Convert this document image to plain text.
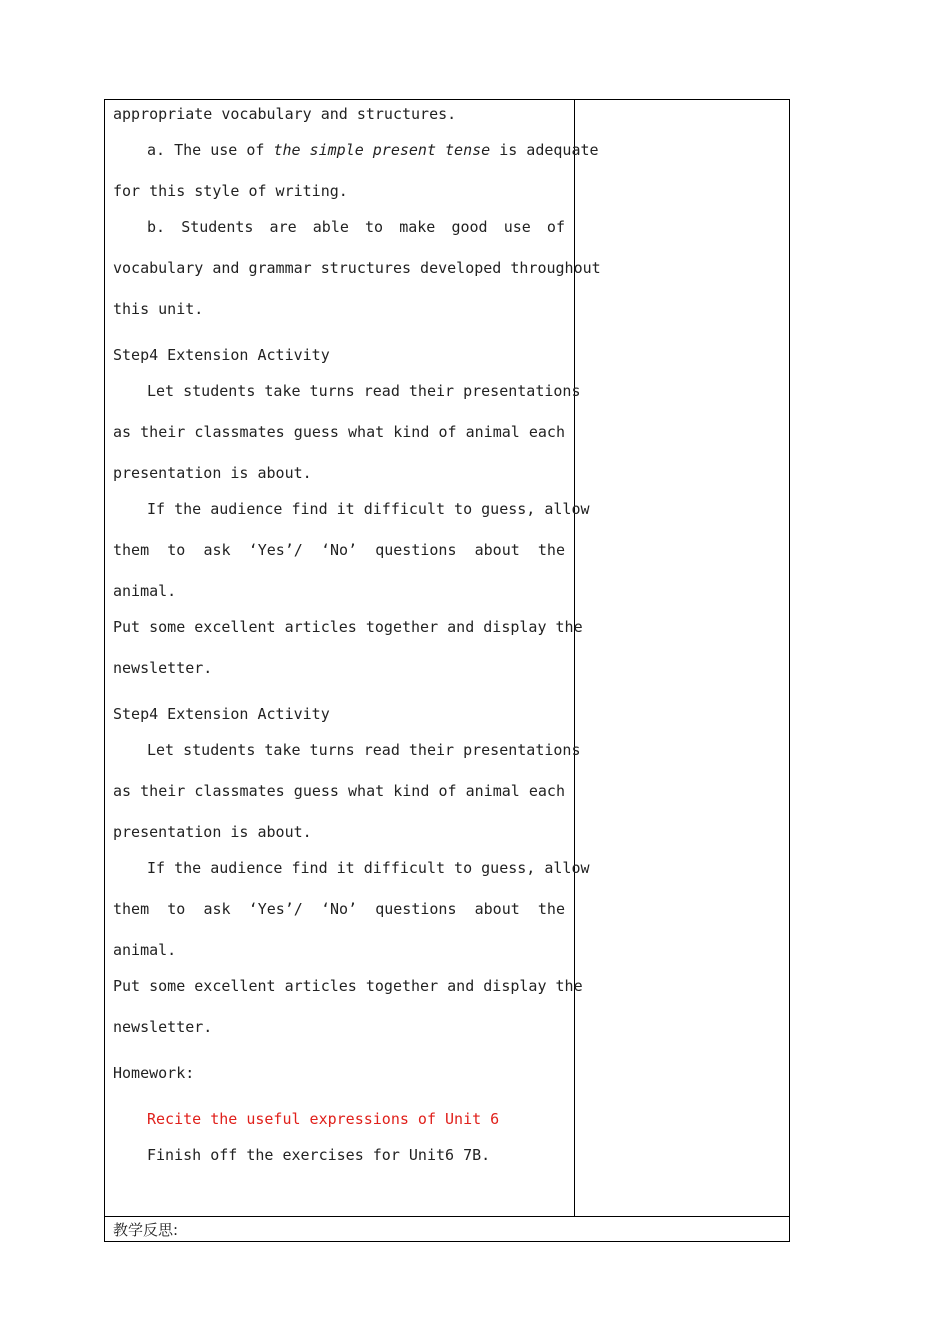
appropriate vocabulary and structures.
a. The use of the simple present tense is adequate
for this style of writing.
b. Students are able to make good use of
vocabulary and grammar structures developed throughout
this unit.
Step4 Extension Activity
Let students take turns read their presentations
as their classmates guess what kind of animal each
presentation is about.
If the audience find it difficult to guess, allow
them to ask ‘Yes’/ ‘No’ questions about the
animal.
Put some excellent articles together and display the
newsletter.
Step4 Extension Activity
Let students take turns read their presentations
as their classmates guess what kind of animal each
presentation is about.
If the audience find it difficult to guess, allow
them to ask ‘Yes’/ ‘No’ questions about the
animal.
Put some excellent articles together and display the
newsletter.
Homework:
Recite the useful expressions of Unit 6
Finish off the exercises for Unit6 7B.
教学反思:
